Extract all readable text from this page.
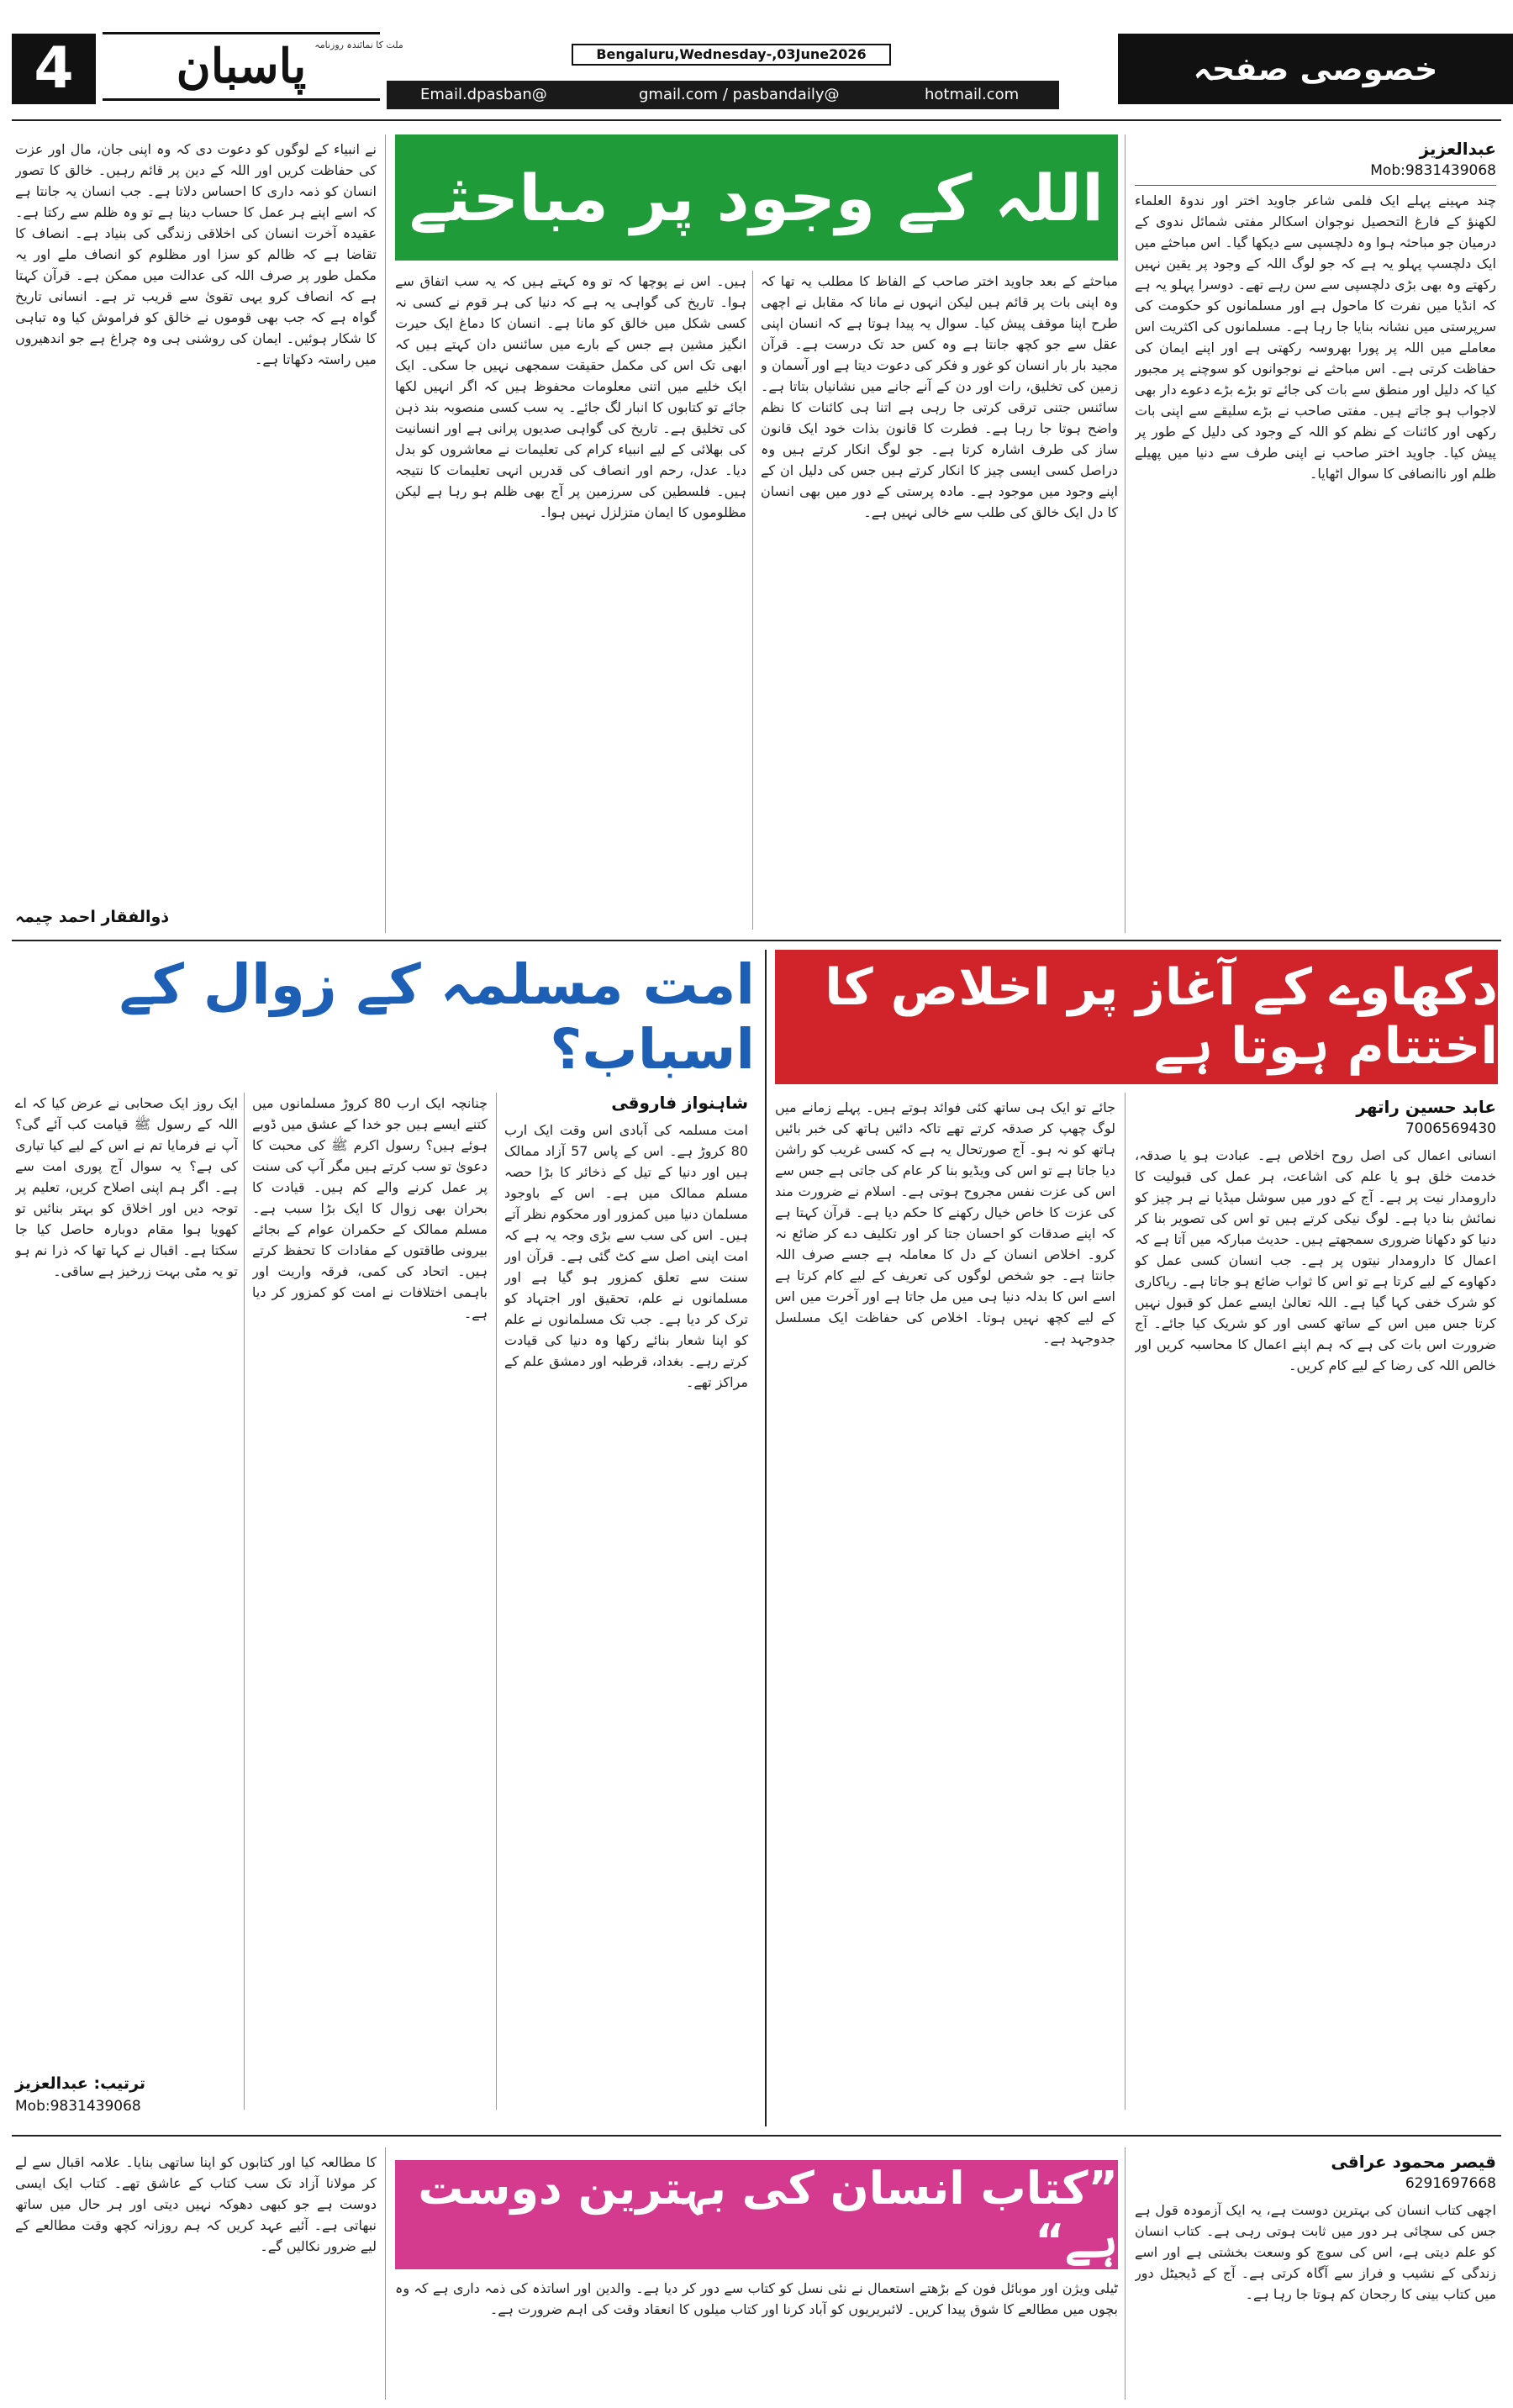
4	پاسبان ملت کا نمائندہ روزنامہ
Bengaluru,Wednesday-,03June2026
Email.dpasban@	gmail.com / pasbandaily@	hotmail.com
خصوصی صفحہ
اللہ کے وجود پر مباحثے
عبدالعزیز
Mob:9831439068
چند مہینے پہلے ایک فلمی شاعر جاوید اختر اور ندوۃ العلماء لکھنؤ کے فارغ التحصیل نوجوان اسکالر مفتی شمائل ندوی کے درمیان جو مباحثہ ہوا وہ دلچسپی سے دیکھا گیا۔ اس مباحثے میں ایک دلچسپ پہلو یہ ہے کہ جو لوگ اللہ کے وجود پر یقین نہیں رکھتے وہ بھی بڑی دلچسپی سے سن رہے تھے۔ دوسرا پہلو یہ ہے کہ انڈیا میں نفرت کا ماحول ہے اور مسلمانوں کو حکومت کی سرپرستی میں نشانہ بنایا جا رہا ہے۔ مسلمانوں کی اکثریت اس معاملے میں اللہ پر پورا بھروسہ رکھتی ہے اور اپنے ایمان کی حفاظت کرتی ہے۔ اس مباحثے نے نوجوانوں کو سوچنے پر مجبور کیا کہ دلیل اور منطق سے بات کی جائے تو بڑے بڑے دعوے دار بھی لاجواب ہو جاتے ہیں۔ مفتی صاحب نے بڑے سلیقے سے اپنی بات رکھی اور کائنات کے نظم کو اللہ کے وجود کی دلیل کے طور پر پیش کیا۔ جاوید اختر صاحب نے اپنی طرف سے دنیا میں پھیلے ظلم اور ناانصافی کا سوال اٹھایا۔
مباحثے کے بعد جاوید اختر صاحب کے الفاظ کا مطلب یہ تھا کہ وہ اپنی بات پر قائم ہیں لیکن انہوں نے مانا کہ مقابل نے اچھی طرح اپنا موقف پیش کیا۔ سوال یہ پیدا ہوتا ہے کہ انسان اپنی عقل سے جو کچھ جانتا ہے وہ کس حد تک درست ہے۔ قرآن مجید بار بار انسان کو غور و فکر کی دعوت دیتا ہے اور آسمان و زمین کی تخلیق، رات اور دن کے آنے جانے میں نشانیاں بتاتا ہے۔ سائنس جتنی ترقی کرتی جا رہی ہے اتنا ہی کائنات کا نظم واضح ہوتا جا رہا ہے۔ فطرت کا قانون بذات خود ایک قانون ساز کی طرف اشارہ کرتا ہے۔ جو لوگ انکار کرتے ہیں وہ دراصل کسی ایسی چیز کا انکار کرتے ہیں جس کی دلیل ان کے اپنے وجود میں موجود ہے۔ مادہ پرستی کے دور میں بھی انسان کا دل ایک خالق کی طلب سے خالی نہیں ہے۔
ہیں۔ اس نے پوچھا کہ تو وہ کہتے ہیں کہ یہ سب اتفاق سے ہوا۔ تاریخ کی گواہی یہ ہے کہ دنیا کی ہر قوم نے کسی نہ کسی شکل میں خالق کو مانا ہے۔ انسان کا دماغ ایک حیرت انگیز مشین ہے جس کے بارے میں سائنس دان کہتے ہیں کہ ابھی تک اس کی مکمل حقیقت سمجھی نہیں جا سکی۔ ایک ایک خلیے میں اتنی معلومات محفوظ ہیں کہ اگر انہیں لکھا جائے تو کتابوں کا انبار لگ جائے۔ یہ سب کسی منصوبہ بند ذہن کی تخلیق ہے۔ تاریخ کی گواہی صدیوں پرانی ہے اور انسانیت کی بھلائی کے لیے انبیاء کرام کی تعلیمات نے معاشروں کو بدل دیا۔ عدل، رحم اور انصاف کی قدریں انہی تعلیمات کا نتیجہ ہیں۔ فلسطین کی سرزمین پر آج بھی ظلم ہو رہا ہے لیکن مظلوموں کا ایمان متزلزل نہیں ہوا۔
نے انبیاء کے لوگوں کو دعوت دی کہ وہ اپنی جان، مال اور عزت کی حفاظت کریں اور اللہ کے دین پر قائم رہیں۔ خالق کا تصور انسان کو ذمہ داری کا احساس دلاتا ہے۔ جب انسان یہ جانتا ہے کہ اسے اپنے ہر عمل کا حساب دینا ہے تو وہ ظلم سے رکتا ہے۔ عقیدہ آخرت انسان کی اخلاقی زندگی کی بنیاد ہے۔ انصاف کا تقاضا ہے کہ ظالم کو سزا اور مظلوم کو انصاف ملے اور یہ مکمل طور پر صرف اللہ کی عدالت میں ممکن ہے۔ قرآن کہتا ہے کہ انصاف کرو یہی تقویٰ سے قریب تر ہے۔ انسانی تاریخ گواہ ہے کہ جب بھی قوموں نے خالق کو فراموش کیا وہ تباہی کا شکار ہوئیں۔ ایمان کی روشنی ہی وہ چراغ ہے جو اندھیروں میں راستہ دکھاتا ہے۔
ذوالفقار احمد چیمہ
دکھاوے کے آغاز پر اخلاص کا اختتام ہوتا ہے
عابد حسین راتھر
7006569430
انسانی اعمال کی اصل روح اخلاص ہے۔ عبادت ہو یا صدقہ، خدمت خلق ہو یا علم کی اشاعت، ہر عمل کی قبولیت کا دارومدار نیت پر ہے۔ آج کے دور میں سوشل میڈیا نے ہر چیز کو نمائش بنا دیا ہے۔ لوگ نیکی کرتے ہیں تو اس کی تصویر بنا کر دنیا کو دکھانا ضروری سمجھتے ہیں۔ حدیث مبارکہ میں آتا ہے کہ اعمال کا دارومدار نیتوں پر ہے۔ جب انسان کسی عمل کو دکھاوے کے لیے کرتا ہے تو اس کا ثواب ضائع ہو جاتا ہے۔ ریاکاری کو شرک خفی کہا گیا ہے۔ اللہ تعالیٰ ایسے عمل کو قبول نہیں کرتا جس میں اس کے ساتھ کسی اور کو شریک کیا جائے۔ آج ضرورت اس بات کی ہے کہ ہم اپنے اعمال کا محاسبہ کریں اور خالص اللہ کی رضا کے لیے کام کریں۔
جائے تو ایک ہی ساتھ کئی فوائد ہوتے ہیں۔ پہلے زمانے میں لوگ چھپ کر صدقہ کرتے تھے تاکہ دائیں ہاتھ کی خبر بائیں ہاتھ کو نہ ہو۔ آج صورتحال یہ ہے کہ کسی غریب کو راشن دیا جاتا ہے تو اس کی ویڈیو بنا کر عام کی جاتی ہے جس سے اس کی عزت نفس مجروح ہوتی ہے۔ اسلام نے ضرورت مند کی عزت کا خاص خیال رکھنے کا حکم دیا ہے۔ قرآن کہتا ہے کہ اپنے صدقات کو احسان جتا کر اور تکلیف دے کر ضائع نہ کرو۔ اخلاص انسان کے دل کا معاملہ ہے جسے صرف اللہ جانتا ہے۔ جو شخص لوگوں کی تعریف کے لیے کام کرتا ہے اسے اس کا بدلہ دنیا ہی میں مل جاتا ہے اور آخرت میں اس کے لیے کچھ نہیں ہوتا۔ اخلاص کی حفاظت ایک مسلسل جدوجہد ہے۔
امت مسلمہ کے زوال کے اسباب؟
شاہنواز فاروقی
امت مسلمہ کی آبادی اس وقت ایک ارب 80 کروڑ ہے۔ اس کے پاس 57 آزاد ممالک ہیں اور دنیا کے تیل کے ذخائر کا بڑا حصہ مسلم ممالک میں ہے۔ اس کے باوجود مسلمان دنیا میں کمزور اور محکوم نظر آتے ہیں۔ اس کی سب سے بڑی وجہ یہ ہے کہ امت اپنی اصل سے کٹ گئی ہے۔ قرآن اور سنت سے تعلق کمزور ہو گیا ہے اور مسلمانوں نے علم، تحقیق اور اجتہاد کو ترک کر دیا ہے۔ جب تک مسلمانوں نے علم کو اپنا شعار بنائے رکھا وہ دنیا کی قیادت کرتے رہے۔ بغداد، قرطبہ اور دمشق علم کے مراکز تھے۔
چنانچہ ایک ارب 80 کروڑ مسلمانوں میں کتنے ایسے ہیں جو خدا کے عشق میں ڈوبے ہوئے ہیں؟ رسول اکرم ﷺ کی محبت کا دعویٰ تو سب کرتے ہیں مگر آپ کی سنت پر عمل کرنے والے کم ہیں۔ قیادت کا بحران بھی زوال کا ایک بڑا سبب ہے۔ مسلم ممالک کے حکمران عوام کے بجائے بیرونی طاقتوں کے مفادات کا تحفظ کرتے ہیں۔ اتحاد کی کمی، فرقہ واریت اور باہمی اختلافات نے امت کو کمزور کر دیا ہے۔
ایک روز ایک صحابی نے عرض کیا کہ اے اللہ کے رسول ﷺ قیامت کب آئے گی؟ آپ نے فرمایا تم نے اس کے لیے کیا تیاری کی ہے؟ یہ سوال آج پوری امت سے ہے۔ اگر ہم اپنی اصلاح کریں، تعلیم پر توجہ دیں اور اخلاق کو بہتر بنائیں تو کھویا ہوا مقام دوبارہ حاصل کیا جا سکتا ہے۔ اقبال نے کہا تھا کہ ذرا نم ہو تو یہ مٹی بہت زرخیز ہے ساقی۔
ترتیب: عبدالعزیز
Mob:9831439068
”کتاب انسان کی بہترین دوست ہے“
قیصر محمود عراقی
6291697668
اچھی کتاب انسان کی بہترین دوست ہے، یہ ایک آزمودہ قول ہے جس کی سچائی ہر دور میں ثابت ہوتی رہی ہے۔ کتاب انسان کو علم دیتی ہے، اس کی سوچ کو وسعت بخشتی ہے اور اسے زندگی کے نشیب و فراز سے آگاہ کرتی ہے۔ آج کے ڈیجیٹل دور میں کتاب بینی کا رجحان کم ہوتا جا رہا ہے۔
ٹیلی ویژن اور موبائل فون کے بڑھتے استعمال نے نئی نسل کو کتاب سے دور کر دیا ہے۔ والدین اور اساتذہ کی ذمہ داری ہے کہ وہ بچوں میں مطالعے کا شوق پیدا کریں۔ لائبریریوں کو آباد کرنا اور کتاب میلوں کا انعقاد وقت کی اہم ضرورت ہے۔
کا مطالعہ کیا اور کتابوں کو اپنا ساتھی بنایا۔ علامہ اقبال سے لے کر مولانا آزاد تک سب کتاب کے عاشق تھے۔ کتاب ایک ایسی دوست ہے جو کبھی دھوکہ نہیں دیتی اور ہر حال میں ساتھ نبھاتی ہے۔ آئیے عہد کریں کہ ہم روزانہ کچھ وقت مطالعے کے لیے ضرور نکالیں گے۔
